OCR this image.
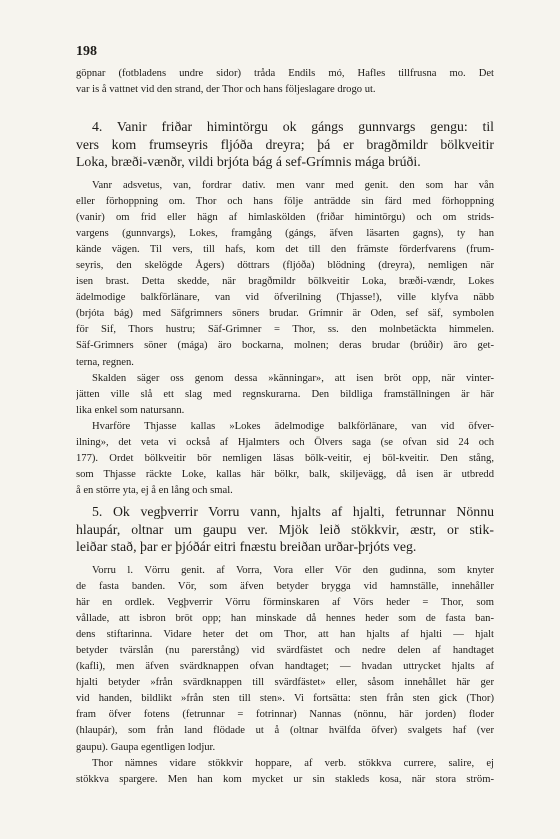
198
göpnar (fotbladens undre sidor) tråda Endils mó, Hafles tillfrusna mo. Det
var is å vattnet vid den strand, der Thor och hans följeslagare drogo ut.
4. Vanir friðar himintörgu ok gángs gunnvargs gengu: til
vers kom frumseyris fljóða dreyra; þá er bragðmildr bölkveitir
Loka, bræði-vænðr, vildi brjóta bág á sef-Grímnis mága brúði.
Vanr adsvetus, van, fordrar dativ. men vanr med genit. den som har vån
eller förhoppning om. Thor och hans följe anträdde sin färd med förhoppning
(vanir) om frid eller hägn af himlaskölden (friðar himintörgu) och om strids-
vargens (gunnvargs), Lokes, framgång (gángs, äfven läsarten gagns), ty han
kände vägen. Til vers, till hafs, kom det till den främste förderfvarens (frum-
seyris, den skelögde Ågers) döttrars (fljóða) blödning (dreyra), nemligen när
isen brast. Detta skedde, när bragðmildr bölkveitir Loka, bræði-vændr, Lokes
ädelmodige balkförlänare, van vid öfverilning (Thjasse!), ville klyfva näbb
(brjóta bág) med Säfgrimners söners brudar. Grímnir är Oden, sef säf, symbolen
för Sif, Thors hustru; Säf-Grimner = Thor, ss. den molnbetäckta himmelen.
Säf-Grimners söner (mága) äro bockarna, molnen; deras brudar (brúðir) äro get-
terna, regnen.
Skalden säger oss genom dessa »känningar», att isen bröt opp, när vinter-
jätten ville slå ett slag med regnskurarna. Den bildliga framställningen är här
lika enkel som natursann.
Hvarföre Thjasse kallas »Lokes ädelmodige balkförlänare, van vid öfver-
ilning», det veta vi också af Hjalmters och Ölvers saga (se ofvan sid 24 och
177). Ordet bölkveitir bör nemligen läsas bölk-veitir, ej böl-kveitir. Den stång,
som Thjasse räckte Loke, kallas här bölkr, balk, skiljevägg, då isen är utbredd
å en större yta, ej å en lång och smal.
5. Ok vegþverrir Vorru vann, hjalts af hjalti, fetrunnar Nönnu
hlaupár, oltnar um gaupu ver. Mjök leið stökkvir, æstr, or stik-
leiðar stað, þar er þjóðár eitri fnæstu breiðan urðar-þrjóts veg.
Vorru l. Vörru genit. af Vorra, Vora eller Vör den gudinna, som knyter
de fasta banden. Vör, som äfven betyder brygga vid hamnställe, innehåller
här en ordlek. Vegþverrir Vörru förminskaren af Vörs heder = Thor, som
vållade, att isbron bröt opp; han minskade då hennes heder som de fasta ban-
dens stiftarinna. Vidare heter det om Thor, att han hjalts af hjalti — hjalt
betyder tvärslån (nu parerstång) vid svärdfästet och nedre delen af handtaget
(kafli), men äfven svärdknappen ofvan handtaget; — hvadan uttrycket hjalts af
hjalti betyder »från svärdknappen till svärdfästet» eller, såsom innehållet här ger
vid handen, bildlikt »från sten till sten». Vi fortsätta: sten från sten gick (Thor)
fram öfver fotens (fetrunnar = fotrinnar) Nannas (nönnu, här jorden) floder
(hlaupár), som från land flödade ut å (oltnar hvälfda öfver) svalgets haf (ver
gaupu). Gaupa egentligen lodjur.
Thor nämnes vidare stökkvir hoppare, af verb. stökkva currere, salire, ej
stökkva spargere. Men han kom mycket ur sin stakleds kosa, när stora ström-
